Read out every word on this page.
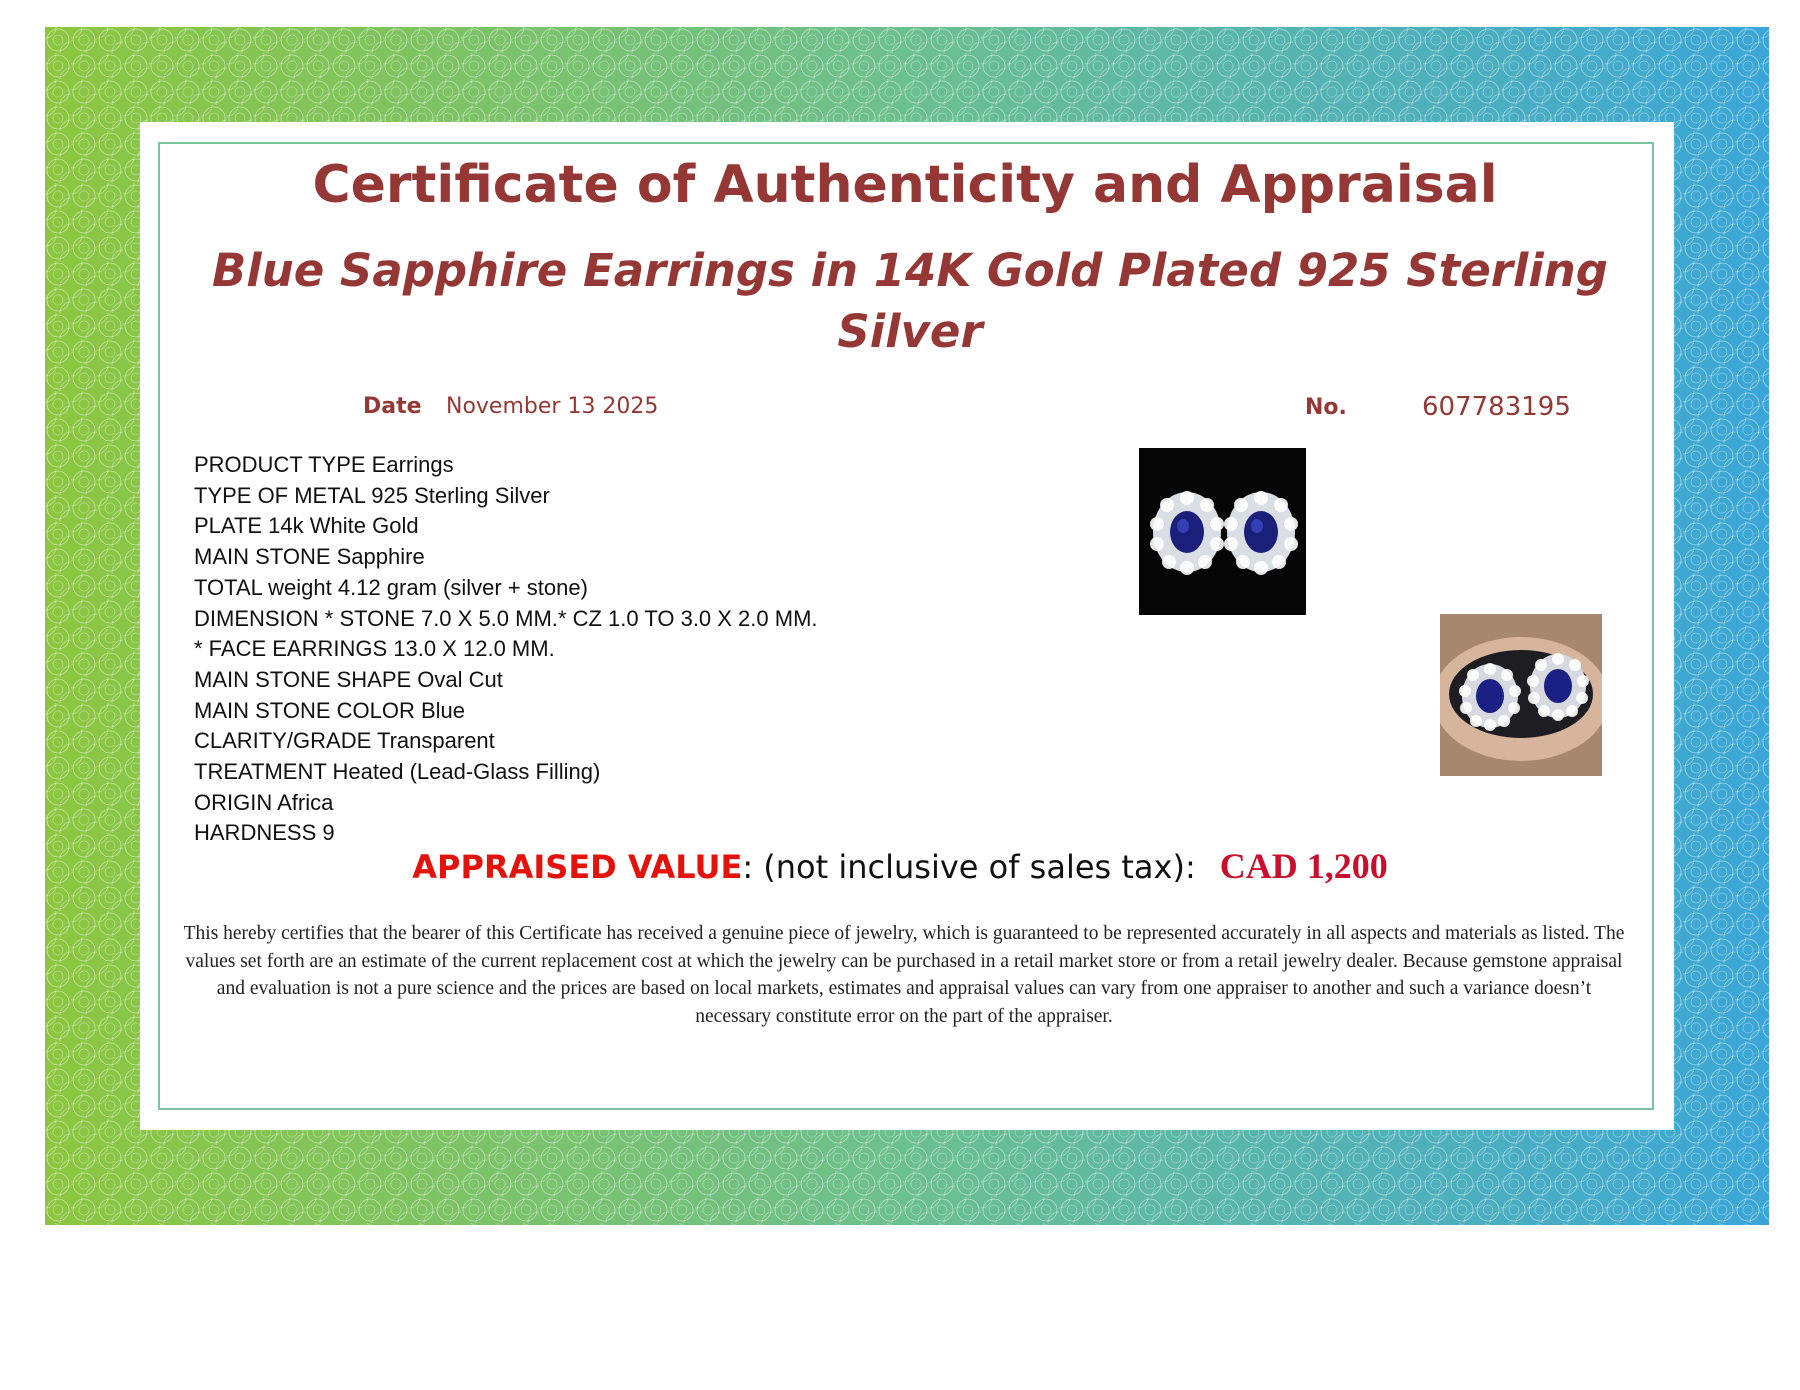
Certificate of Authenticity and Appraisal
Blue Sapphire Earrings in 14K Gold Plated 925 Sterling Silver
Date November 13 2025	No.	607783195
PRODUCT TYPE Earrings
TYPE OF METAL 925 Sterling Silver
PLATE 14k White Gold
MAIN STONE Sapphire
TOTAL weight 4.12 gram (silver + stone)
DIMENSION * STONE 7.0 X 5.0 MM.* CZ 1.0 TO 3.0 X 2.0 MM.
* FACE EARRINGS 13.0 X 12.0 MM.
MAIN STONE SHAPE Oval Cut
MAIN STONE COLOR Blue
CLARITY/GRADE Transparent
TREATMENT Heated (Lead-Glass Filling)
ORIGIN Africa
HARDNESS 9
APPRAISED VALUE: (not inclusive of sales tax): CAD 1,200
This hereby certifies that the bearer of this Certificate has received a genuine piece of jewelry, which is guaranteed to be represented accurately in all aspects and materials as listed. The values set forth are an estimate of the current replacement cost at which the jewelry can be purchased in a retail market store or from a retail jewelry dealer. Because gemstone appraisal and evaluation is not a pure science and the prices are based on local markets, estimates and appraisal values can vary from one appraiser to another and such a variance doesn’t necessary constitute error on the part of the appraiser.
